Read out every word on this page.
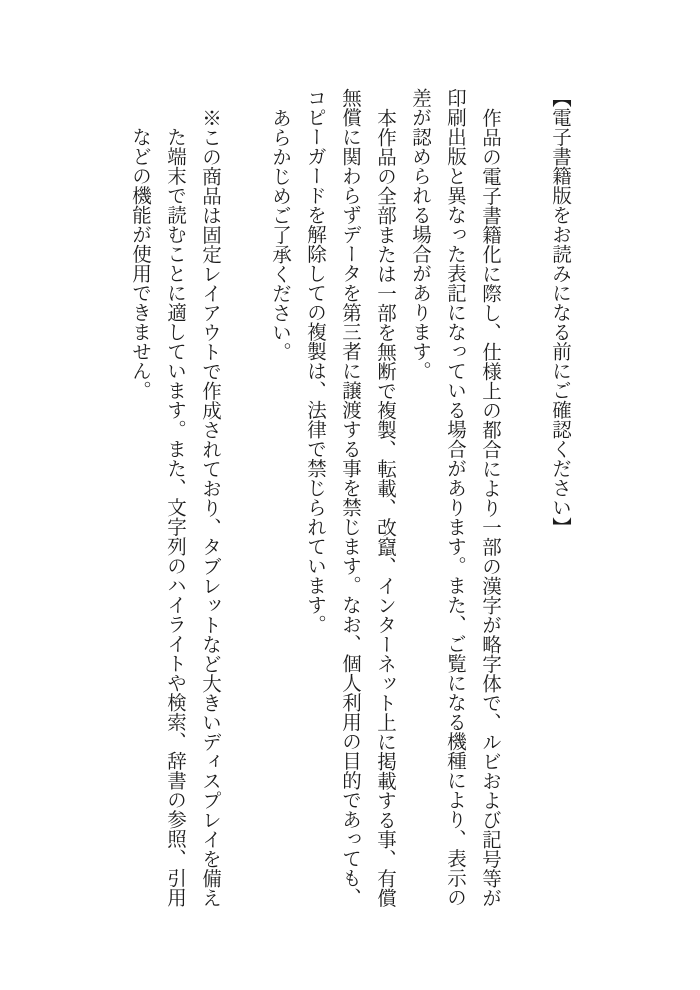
【電子書籍版をお読みになる前にご確認ください】
作品の電子書籍化に際し、仕様上の都合により一部の漢字が略字体で、ルビおよび記号等が
印刷出版と異なった表記になっている場合があります。また、ご覧になる機種により、表示の
差が認められる場合があります。
本作品の全部または一部を無断で複製、転載、改竄、インターネット上に掲載する事、有償
無償に関わらずデータを第三者に譲渡する事を禁じます。なお、個人利用の目的であっても、
コピーガードを解除しての複製は、法律で禁じられています。
あらかじめご了承ください。
※この商品は固定レイアウトで作成されており、タブレットなど大きいディスプレイを備え
た端末で読むことに適しています。また、文字列のハイライトや検索、辞書の参照、引用
などの機能が使用できません。
